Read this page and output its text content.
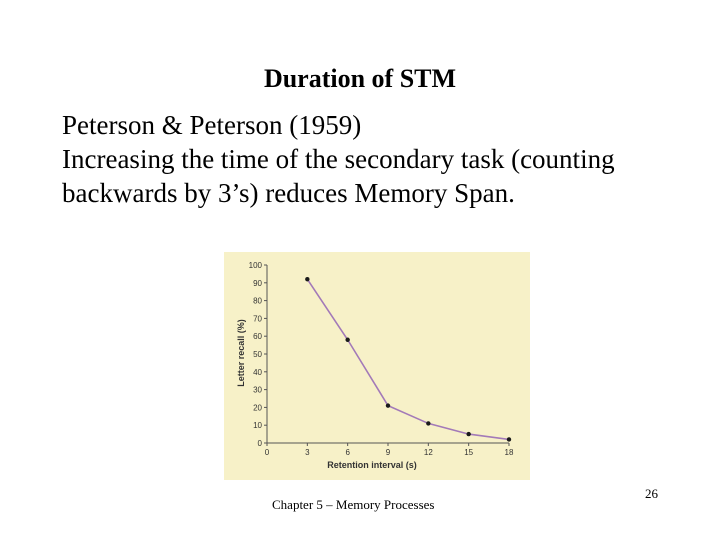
Duration of STM

Peterson & Peterson (1959)

Increasing the time of the secondary task (counting backwards by 3’s) reduces Memory Span.

0
10
20
30
40
50
60
70
80
90
100
0	3	6	9	12	15	18
Retention interval (s)
Letter recall (%)
Chapter 5 – Memory Processes
26
